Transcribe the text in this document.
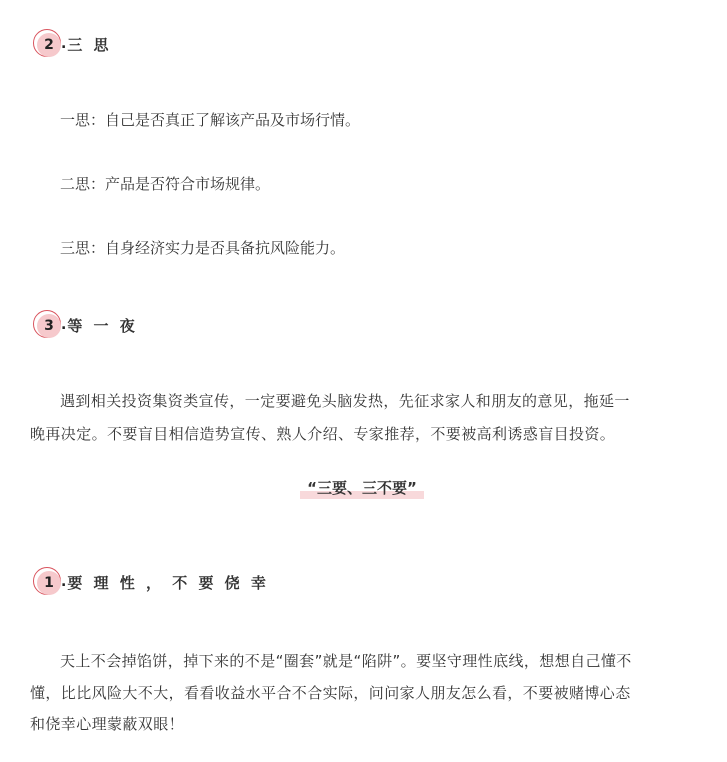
2 . 三 思
一思：自己是否真正了解该产品及市场行情。
二思：产品是否符合市场规律。
三思：自身经济实力是否具备抗风险能力。
3 . 等 一 夜
遇到相关投资集资类宣传，一定要避免头脑发热，先征求家人和朋友的意见，拖延一
晚再决定。不要盲目相信造势宣传、熟人介绍、专家推荐，不要被高利诱惑盲目投资。
“三要、三不要”
1 . 要 理 性 ， 不 要 侥 幸
天上不会掉馅饼，掉下来的不是“圈套”就是“陷阱”。要坚守理性底线，想想自己懂不
懂，比比风险大不大，看看收益水平合不合实际，问问家人朋友怎么看，不要被赌博心态
和侥幸心理蒙蔽双眼！
